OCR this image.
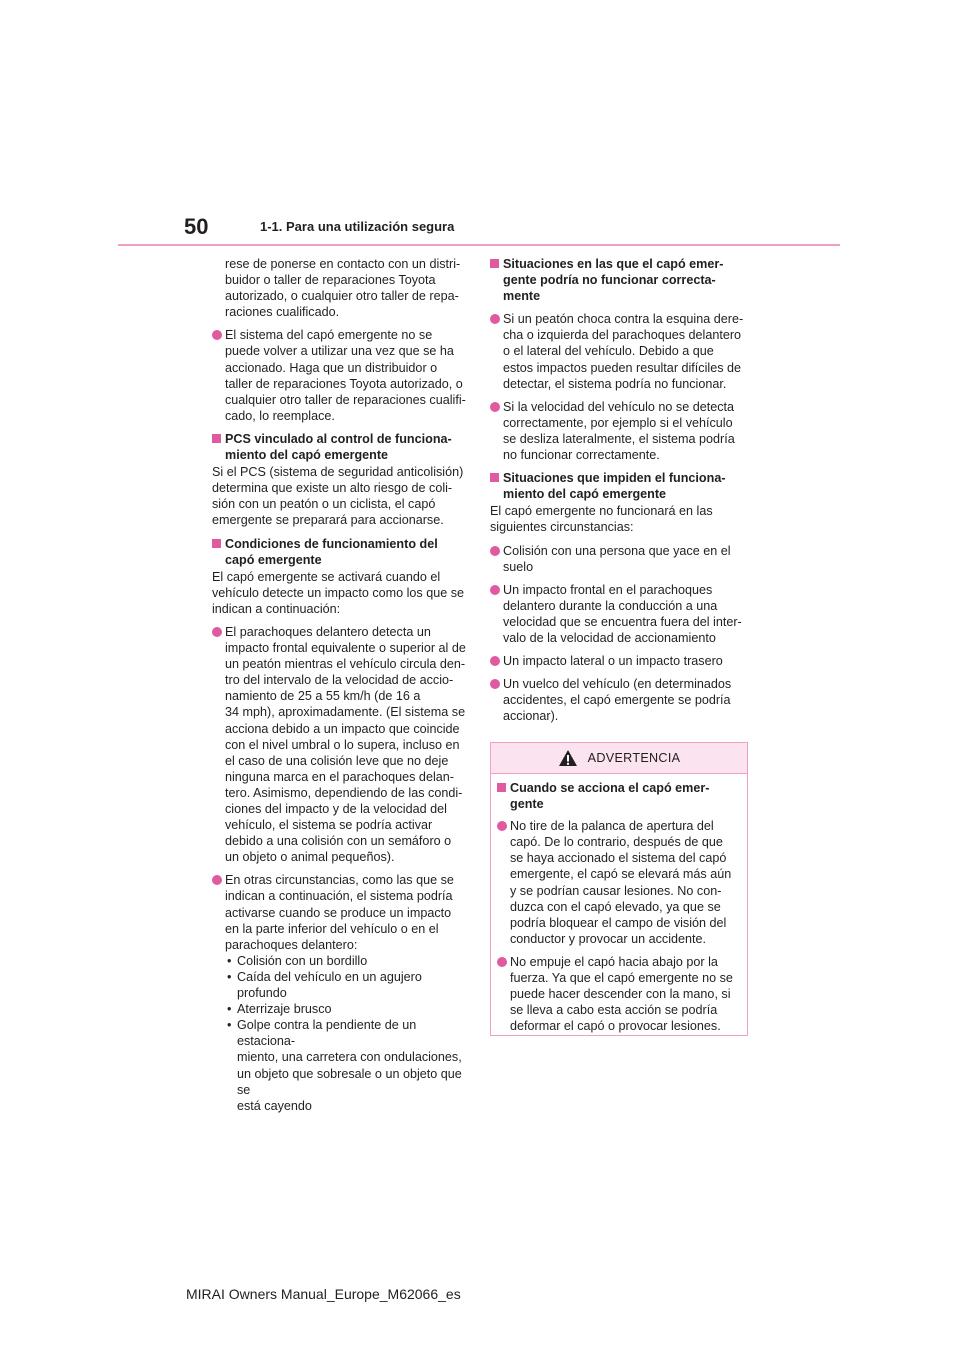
50	1-1. Para una utilización segura

rese de ponerse en contacto con un distri-
buidor o taller de reparaciones Toyota
autorizado, o cualquier otro taller de repa-
raciones cualificado.

El sistema del capó emergente no se
puede volver a utilizar una vez que se ha
accionado. Haga que un distribuidor o
taller de reparaciones Toyota autorizado, o
cualquier otro taller de reparaciones cualifi-
cado, lo reemplace.

PCS vinculado al control de funciona-
miento del capó emergente

Si el PCS (sistema de seguridad anticolisión)
determina que existe un alto riesgo de coli-
sión con un peatón o un ciclista, el capó
emergente se preparará para accionarse.

Condiciones de funcionamiento del
capó emergente

El capó emergente se activará cuando el
vehículo detecte un impacto como los que se
indican a continuación:

El parachoques delantero detecta un
impacto frontal equivalente o superior al de
un peatón mientras el vehículo circula den-
tro del intervalo de la velocidad de accio-
namiento de 25 a 55 km/h (de 16 a
34 mph), aproximadamente. (El sistema se
acciona debido a un impacto que coincide
con el nivel umbral o lo supera, incluso en
el caso de una colisión leve que no deje
ninguna marca en el parachoques delan-
tero. Asimismo, dependiendo de las condi-
ciones del impacto y de la velocidad del
vehículo, el sistema se podría activar
debido a una colisión con un semáforo o
un objeto o animal pequeños).

En otras circunstancias, como las que se
indican a continuación, el sistema podría
activarse cuando se produce un impacto
en la parte inferior del vehículo o en el
parachoques delantero:

• Colisión con un bordillo
• Caída del vehículo en un agujero profundo
• Aterrizaje brusco
• Golpe contra la pendiente de un estaciona-
miento, una carretera con ondulaciones,
un objeto que sobresale o un objeto que se
está cayendo

Situaciones en las que el capó emer-
gente podría no funcionar correcta-
mente

Si un peatón choca contra la esquina dere-
cha o izquierda del parachoques delantero
o el lateral del vehículo. Debido a que
estos impactos pueden resultar difíciles de
detectar, el sistema podría no funcionar.

Si la velocidad del vehículo no se detecta
correctamente, por ejemplo si el vehículo
se desliza lateralmente, el sistema podría
no funcionar correctamente.

Situaciones que impiden el funciona-
miento del capó emergente

El capó emergente no funcionará en las
siguientes circunstancias:

Colisión con una persona que yace en el
suelo

Un impacto frontal en el parachoques
delantero durante la conducción a una
velocidad que se encuentra fuera del inter-
valo de la velocidad de accionamiento

Un impacto lateral o un impacto trasero

Un vuelco del vehículo (en determinados
accidentes, el capó emergente se podría
accionar).

ADVERTENCIA

Cuando se acciona el capó emer-
gente

No tire de la palanca de apertura del
capó. De lo contrario, después de que
se haya accionado el sistema del capó
emergente, el capó se elevará más aún
y se podrían causar lesiones. No con-
duzca con el capó elevado, ya que se
podría bloquear el campo de visión del
conductor y provocar un accidente.

No empuje el capó hacia abajo por la
fuerza. Ya que el capó emergente no se
puede hacer descender con la mano, si
se lleva a cabo esta acción se podría
deformar el capó o provocar lesiones.

MIRAI Owners Manual_Europe_M62066_es
